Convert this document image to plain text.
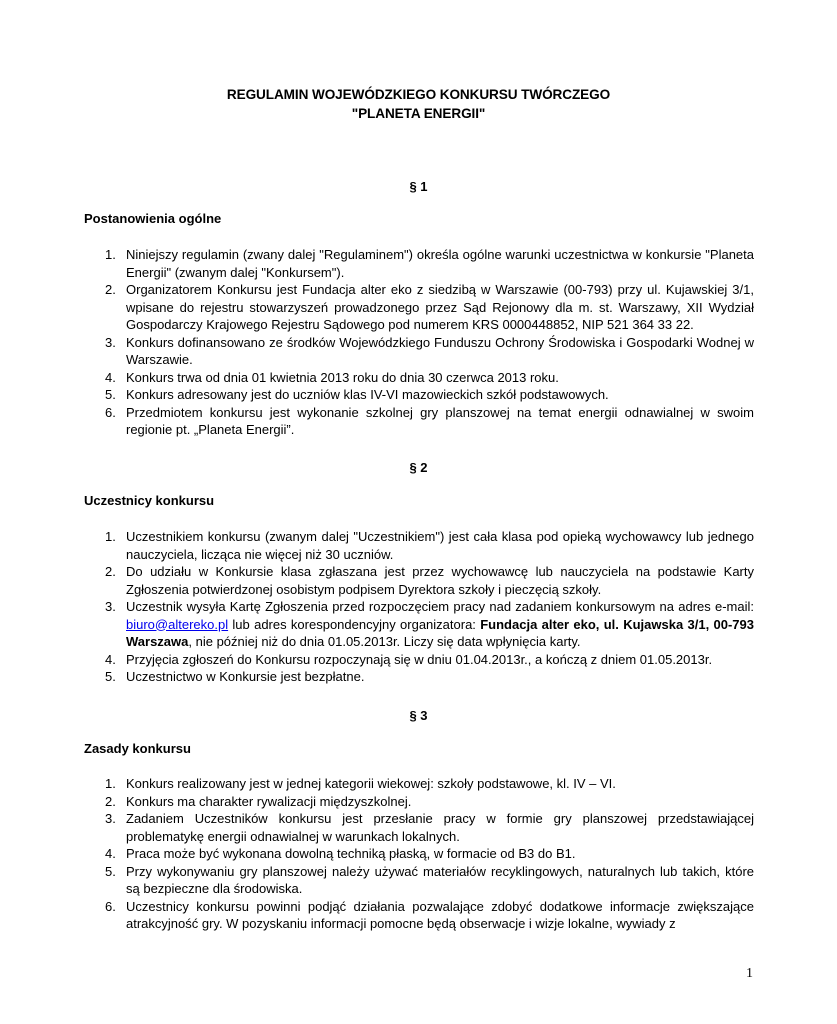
REGULAMIN WOJEWÓDZKIEGO KONKURSU TWÓRCZEGO
"PLANETA ENERGII"
§ 1
Postanowienia ogólne
1. Niniejszy regulamin (zwany dalej "Regulaminem") określa ogólne warunki uczestnictwa w konkursie "Planeta Energii" (zwanym dalej "Konkursem").
2. Organizatorem Konkursu jest Fundacja alter eko z siedzibą w Warszawie (00-793) przy ul. Kujawskiej 3/1, wpisane do rejestru stowarzyszeń prowadzonego przez Sąd Rejonowy dla m. st. Warszawy, XII Wydział Gospodarczy Krajowego Rejestru Sądowego pod numerem KRS 0000448852, NIP 521 364 33 22.
3. Konkurs dofinansowano ze środków Wojewódzkiego Funduszu Ochrony Środowiska i Gospodarki Wodnej w Warszawie.
4. Konkurs trwa od dnia 01 kwietnia 2013 roku do dnia 30 czerwca 2013 roku.
5. Konkurs adresowany jest do uczniów klas IV-VI mazowieckich szkół podstawowych.
6. Przedmiotem konkursu jest wykonanie szkolnej gry planszowej na temat energii odnawialnej w swoim regionie pt. „Planeta Energii”.
§ 2
Uczestnicy konkursu
1. Uczestnikiem konkursu (zwanym dalej "Uczestnikiem") jest cała klasa pod opieką wychowawcy lub jednego nauczyciela, licząca nie więcej niż 30 uczniów.
2. Do udziału w Konkursie klasa zgłaszana jest przez wychowawcę lub nauczyciela na podstawie Karty Zgłoszenia potwierdzonej osobistym podpisem Dyrektora szkoły i pieczęcią szkoły.
3. Uczestnik wysyła Kartę Zgłoszenia przed rozpoczęciem pracy nad zadaniem konkursowym na adres e-mail: biuro@altereko.pl lub adres korespondencyjny organizatora: Fundacja alter eko, ul. Kujawska 3/1, 00-793 Warszawa, nie później niż do dnia 01.05.2013r. Liczy się data wpłynięcia karty.
4. Przyjęcia zgłoszeń do Konkursu rozpoczynają się w dniu 01.04.2013r., a kończą z dniem 01.05.2013r.
5. Uczestnictwo w Konkursie jest bezpłatne.
§ 3
Zasady konkursu
1. Konkurs realizowany jest w jednej kategorii wiekowej: szkoły podstawowe, kl. IV – VI.
2. Konkurs ma charakter rywalizacji międzyszkolnej.
3. Zadaniem Uczestników konkursu jest przesłanie pracy w formie gry planszowej przedstawiającej problematykę energii odnawialnej w warunkach lokalnych.
4. Praca może być wykonana dowolną techniką płaską, w formacie od B3 do B1.
5. Przy wykonywaniu gry planszowej należy używać materiałów recyklingowych, naturalnych lub takich, które są bezpieczne dla środowiska.
6. Uczestnicy konkursu powinni podjąć działania pozwalające zdobyć dodatkowe informacje zwiększające atrakcyjność gry. W pozyskaniu informacji pomocne będą obserwacje i wizje lokalne, wywiady z
1
